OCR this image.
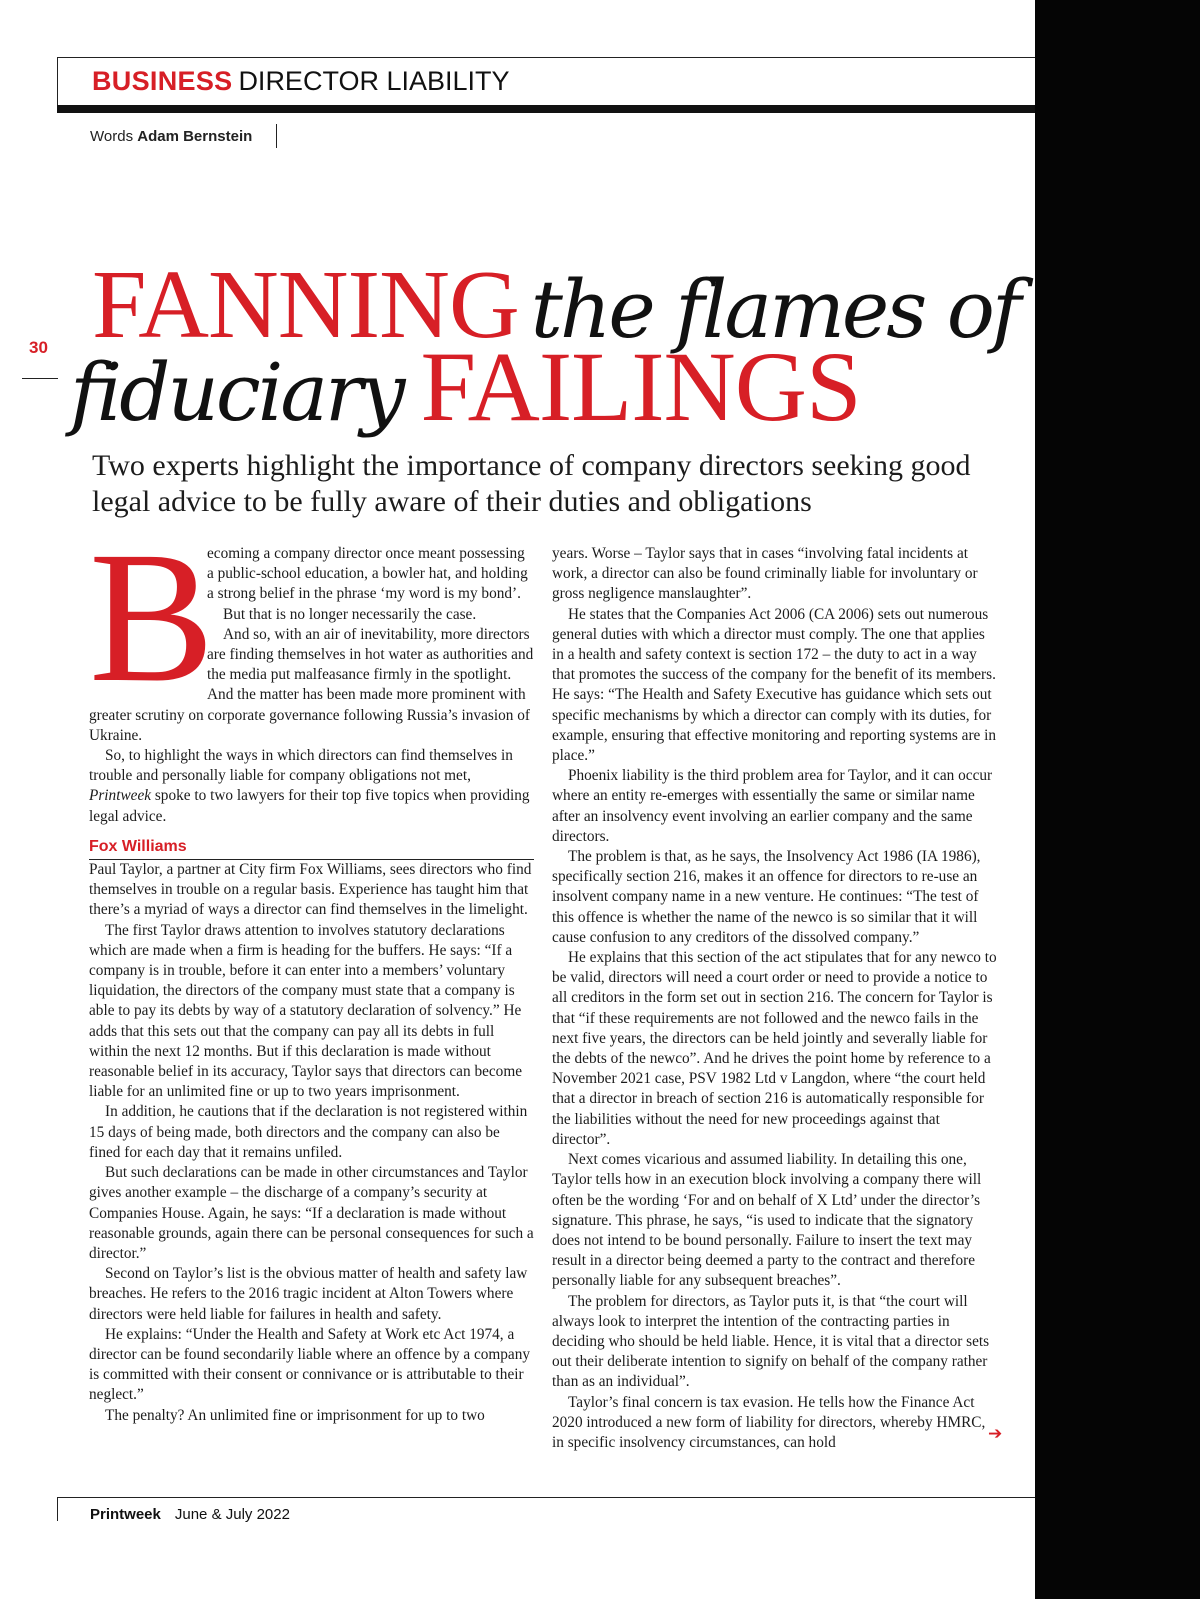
BUSINESS DIRECTOR LIABILITY
Words Adam Bernstein
30 FANNING the flames of
fiduciary FAILINGS
Two experts highlight the importance of company directors seeking good legal advice to be fully aware of their duties and obligations
B

ecoming a company director once meant possessing a public-school education, a bowler hat, and holding a strong belief in the phrase ‘my word is my bond’.

But that is no longer necessarily the case.

And so, with an air of inevitability, more directors are finding themselves in hot water as authorities and the media put malfeasance firmly in the spotlight. And the matter has been made more prominent with greater scrutiny on corporate governance following Russia’s invasion of Ukraine.

So, to highlight the ways in which directors can find themselves in trouble and personally liable for company obligations not met, Printweek spoke to two lawyers for their top five topics when providing legal advice.

Fox Williams

Paul Taylor, a partner at City firm Fox Williams, sees directors who find themselves in trouble on a regular basis. Experience has taught him that there’s a myriad of ways a director can find themselves in the limelight.

The first Taylor draws attention to involves statutory declarations which are made when a firm is heading for the buffers. He says: “If a company is in trouble, before it can enter into a members’ voluntary liquidation, the directors of the company must state that a company is able to pay its debts by way of a statutory declaration of solvency.” He adds that this sets out that the company can pay all its debts in full within the next 12 months. But if this declaration is made without reasonable belief in its accuracy, Taylor says that directors can become liable for an unlimited fine or up to two years imprisonment.

In addition, he cautions that if the declaration is not registered within 15 days of being made, both directors and the company can also be fined for each day that it remains unfiled.

But such declarations can be made in other circumstances and Taylor gives another example – the discharge of a company’s security at Companies House. Again, he says: “If a declaration is made without reasonable grounds, again there can be personal consequences for such a director.”

Second on Taylor’s list is the obvious matter of health and safety law breaches. He refers to the 2016 tragic incident at Alton Towers where directors were held liable for failures in health and safety.

He explains: “Under the Health and Safety at Work etc Act 1974, a director can be found secondarily liable where an offence by a company is committed with their consent or connivance or is attributable to their neglect.”

The penalty? An unlimited fine or imprisonment for up to two

years. Worse – Taylor says that in cases “involving fatal incidents at work, a director can also be found criminally liable for involuntary or gross negligence manslaughter”.

He states that the Companies Act 2006 (CA 2006) sets out numerous general duties with which a director must comply. The one that applies in a health and safety context is section 172 – the duty to act in a way that promotes the success of the company for the benefit of its members. He says: “The Health and Safety Executive has guidance which sets out specific mechanisms by which a director can comply with its duties, for example, ensuring that effective monitoring and reporting systems are in place.”

Phoenix liability is the third problem area for Taylor, and it can occur where an entity re-emerges with essentially the same or similar name after an insolvency event involving an earlier company and the same directors.

The problem is that, as he says, the Insolvency Act 1986 (IA 1986), specifically section 216, makes it an offence for directors to re-use an insolvent company name in a new venture. He continues: “The test of this offence is whether the name of the newco is so similar that it will cause confusion to any creditors of the dissolved company.”

He explains that this section of the act stipulates that for any newco to be valid, directors will need a court order or need to provide a notice to all creditors in the form set out in section 216. The concern for Taylor is that “if these requirements are not followed and the newco fails in the next five years, the directors can be held jointly and severally liable for the debts of the newco”. And he drives the point home by reference to a November 2021 case, PSV 1982 Ltd v Langdon, where “the court held that a director in breach of section 216 is automatically responsible for the liabilities without the need for new proceedings against that director”.

Next comes vicarious and assumed liability. In detailing this one, Taylor tells how in an execution block involving a company there will often be the wording ‘For and on behalf of X Ltd’ under the director’s signature. This phrase, he says, “is used to indicate that the signatory does not intend to be bound personally. Failure to insert the text may result in a director being deemed a party to the contract and therefore personally liable for any subsequent breaches”.

The problem for directors, as Taylor puts it, is that “the court will always look to interpret the intention of the contracting parties in deciding who should be held liable. Hence, it is vital that a director sets out their deliberate intention to signify on behalf of the company rather than as an individual”.

Taylor’s final concern is tax evasion. He tells how the Finance Act 2020 introduced a new form of liability for directors, whereby HMRC, in specific insolvency circumstances, can hold	➔
Printweek June & July 2022
